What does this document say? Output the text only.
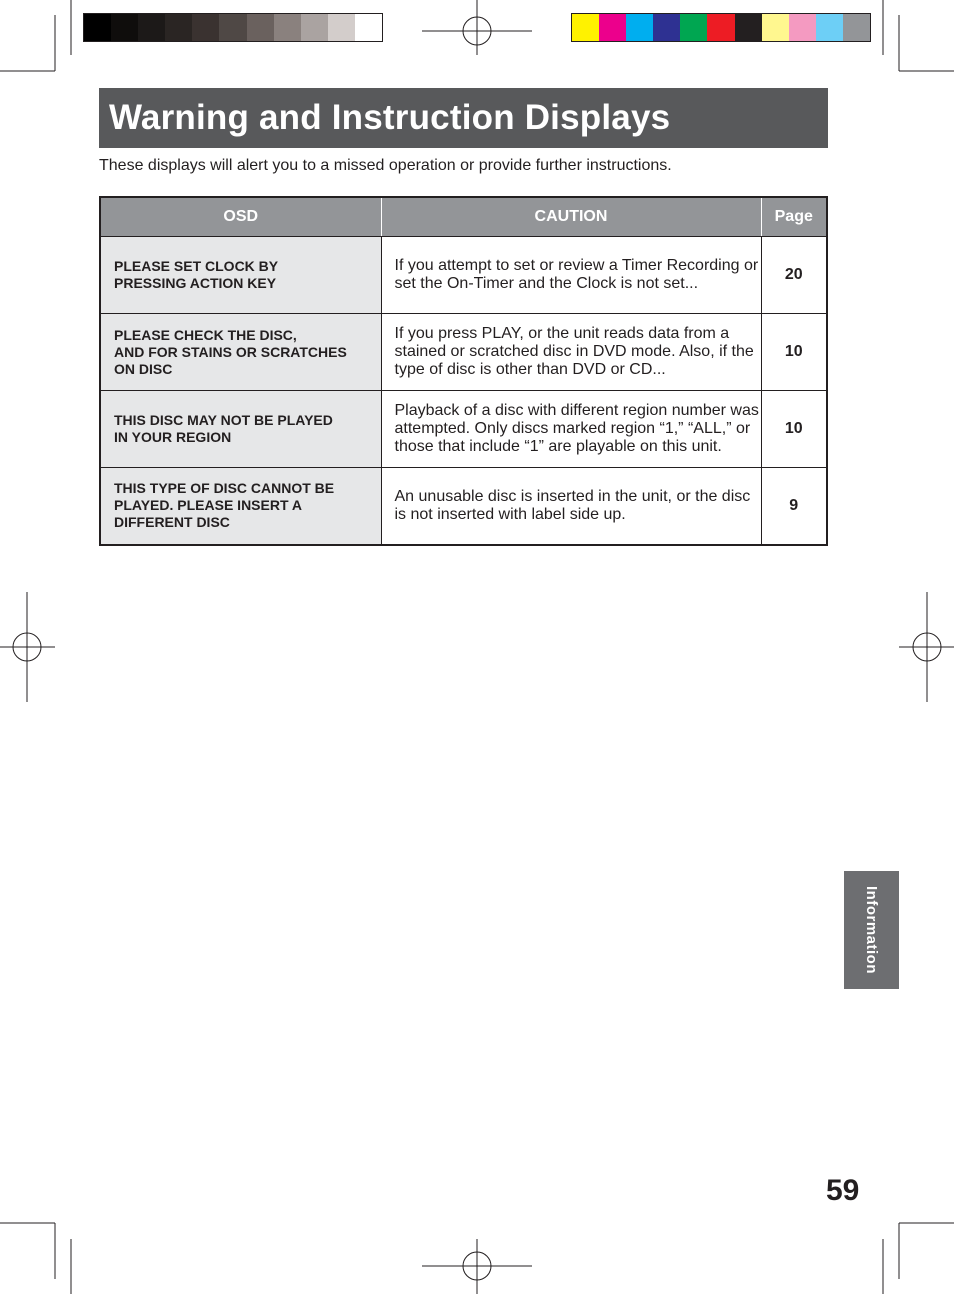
Warning and Instruction Displays
These displays will alert you to a missed operation or provide further instructions.
OSD	CAUTION	Page
PLEASE SET CLOCK BY
PRESSING ACTION KEY	If you attempt to set or review a Timer Recording or set the On-Timer and the Clock is not set...	20
PLEASE CHECK THE DISC,
AND FOR STAINS OR SCRATCHES
ON DISC	If you press PLAY, or the unit reads data from a stained or scratched disc in DVD mode. Also, if the type of disc is other than DVD or CD...	10
THIS DISC MAY NOT BE PLAYED
IN YOUR REGION	Playback of a disc with different region number was attempted. Only discs marked region “1,” “ALL,” or those that include “1” are playable on this unit.	10
THIS TYPE OF DISC CANNOT BE
PLAYED. PLEASE INSERT A
DIFFERENT DISC	An unusable disc is inserted in the unit, or the disc is not inserted with label side up.	9
Information
59
